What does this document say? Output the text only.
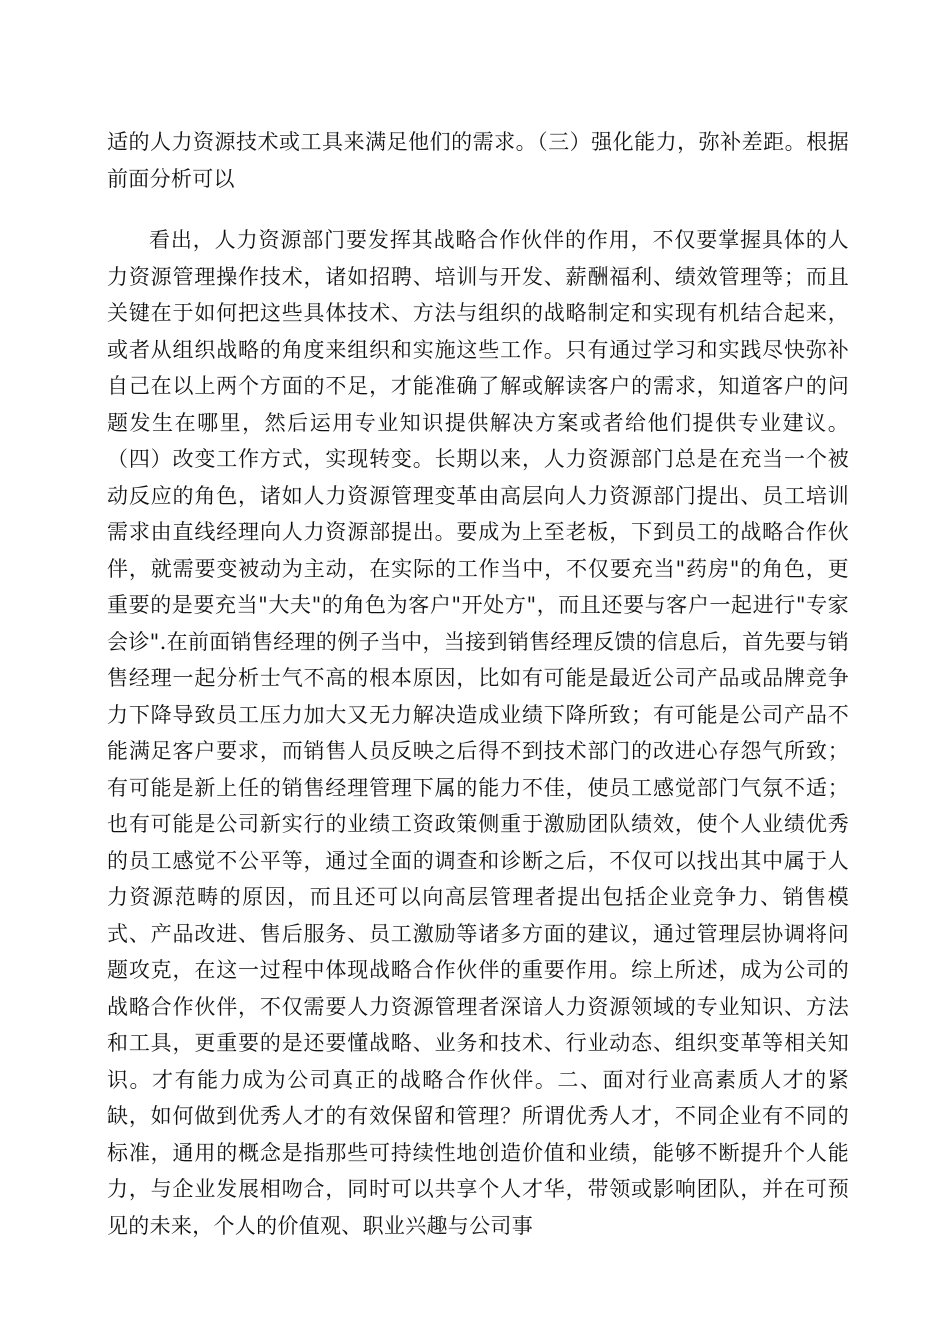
适的人力资源技术或工具来满足他们的需求。（三）强化能力，弥补差距。根据前面分析可以

看出，人力资源部门要发挥其战略合作伙伴的作用，不仅要掌握具体的人力资源管理操作技术，诸如招聘、培训与开发、薪酬福利、绩效管理等；而且关键在于如何把这些具体技术、方法与组织的战略制定和实现有机结合起来，或者从组织战略的角度来组织和实施这些工作。只有通过学习和实践尽快弥补自己在以上两个方面的不足，才能准确了解或解读客户的需求，知道客户的问题发生在哪里，然后运用专业知识提供解决方案或者给他们提供专业建议。（四）改变工作方式，实现转变。长期以来，人力资源部门总是在充当一个被动反应的角色，诸如人力资源管理变革由高层向人力资源部门提出、员工培训需求由直线经理向人力资源部提出。要成为上至老板，下到员工的战略合作伙伴，就需要变被动为主动，在实际的工作当中，不仅要充当"药房"的角色，更重要的是要充当"大夫"的角色为客户"开处方"，而且还要与客户一起进行"专家会诊".在前面销售经理的例子当中，当接到销售经理反馈的信息后，首先要与销售经理一起分析士气不高的根本原因，比如有可能是最近公司产品或品牌竞争力下降导致员工压力加大又无力解决造成业绩下降所致；有可能是公司产品不能满足客户要求，而销售人员反映之后得不到技术部门的改进心存怨气所致；有可能是新上任的销售经理管理下属的能力不佳，使员工感觉部门气氛不适；也有可能是公司新实行的业绩工资政策侧重于激励团队绩效，使个人业绩优秀的员工感觉不公平等，通过全面的调查和诊断之后，不仅可以找出其中属于人力资源范畴的原因，而且还可以向高层管理者提出包括企业竞争力、销售模式、产品改进、售后服务、员工激励等诸多方面的建议，通过管理层协调将问题攻克，在这一过程中体现战略合作伙伴的重要作用。综上所述，成为公司的战略合作伙伴，不仅需要人力资源管理者深谙人力资源领域的专业知识、方法和工具，更重要的是还要懂战略、业务和技术、行业动态、组织变革等相关知识。才有能力成为公司真正的战略合作伙伴。二、面对行业高素质人才的紧缺，如何做到优秀人才的有效保留和管理？所谓优秀人才，不同企业有不同的标准，通用的概念是指那些可持续性地创造价值和业绩，能够不断提升个人能力，与企业发展相吻合，同时可以共享个人才华，带领或影响团队，并在可预见的未来，个人的价值观、职业兴趣与公司事
